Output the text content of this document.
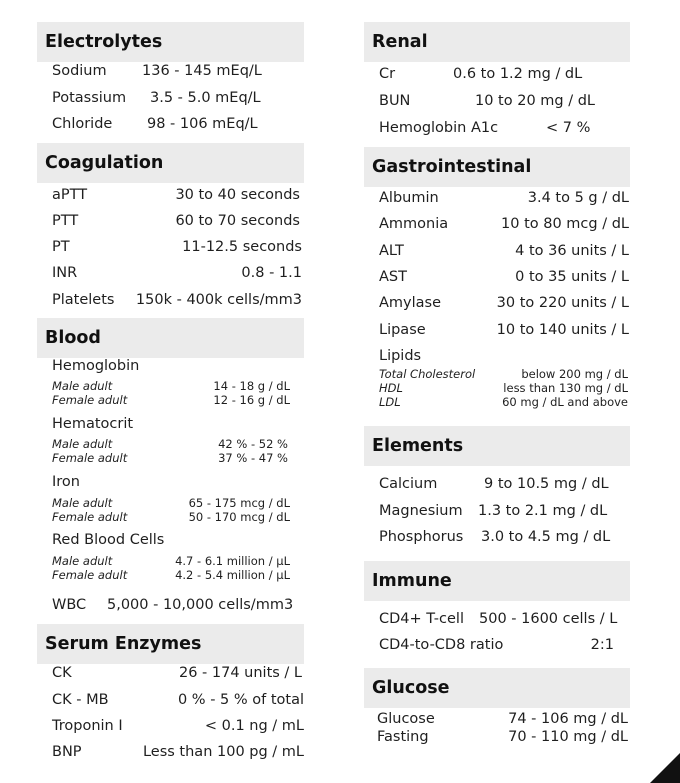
Electrolytes
Sodium 136 - 145 mEq/L
Potassium 3.5 - 5.0 mEq/L
Chloride 98 - 106 mEq/L
Coagulation
aPTT	30 to 40 seconds
PTT	60 to 70 seconds
PT	11-12.5 seconds
INR	0.8 - 1.1
Platelets 150k - 400k cells/mm3
Blood
Hemoglobin
Male adult	14 - 18 g / dL
Female adult	12 - 16 g / dL
Hematocrit
Male adult	42 % - 52 %
Female adult	37 % - 47 %
Iron
Male adult	65 - 175 mcg / dL
Female adult	50 - 170 mcg / dL
Red Blood Cells
Male adult	4.7 - 6.1 million / µL
Female adult	4.2 - 5.4 million / µL
WBC 5,000 - 10,000 cells/mm3
Serum Enzymes
CK	26 - 174 units / L
CK - MB	0 % - 5 % of total
Troponin I	< 0.1 ng / mL
BNP	Less than 100 pg / mL
Renal
Cr	0.6 to 1.2 mg / dL
BUN	10 to 20 mg / dL
Hemoglobin A1c	< 7 %
Gastrointestinal
Albumin	3.4 to 5 g / dL
Ammonia	10 to 80 mcg / dL
ALT	4 to 36 units / L
AST	0 to 35 units / L
Amylase	30 to 220 units / L
Lipase	10 to 140 units / L
Lipids
Total Cholesterol	below 200 mg / dL
HDL	less than 130 mg / dL
LDL	60 mg / dL and above
Elements
Calcium	9 to 10.5 mg / dL
Magnesium 1.3 to 2.1 mg / dL
Phosphorus 3.0 to 4.5 mg / dL
Immune
CD4+ T-cell 500 - 1600 cells / L
CD4-to-CD8 ratio	2:1
Glucose
Glucose	74 - 106 mg / dL
Fasting	70 - 110 mg / dL
